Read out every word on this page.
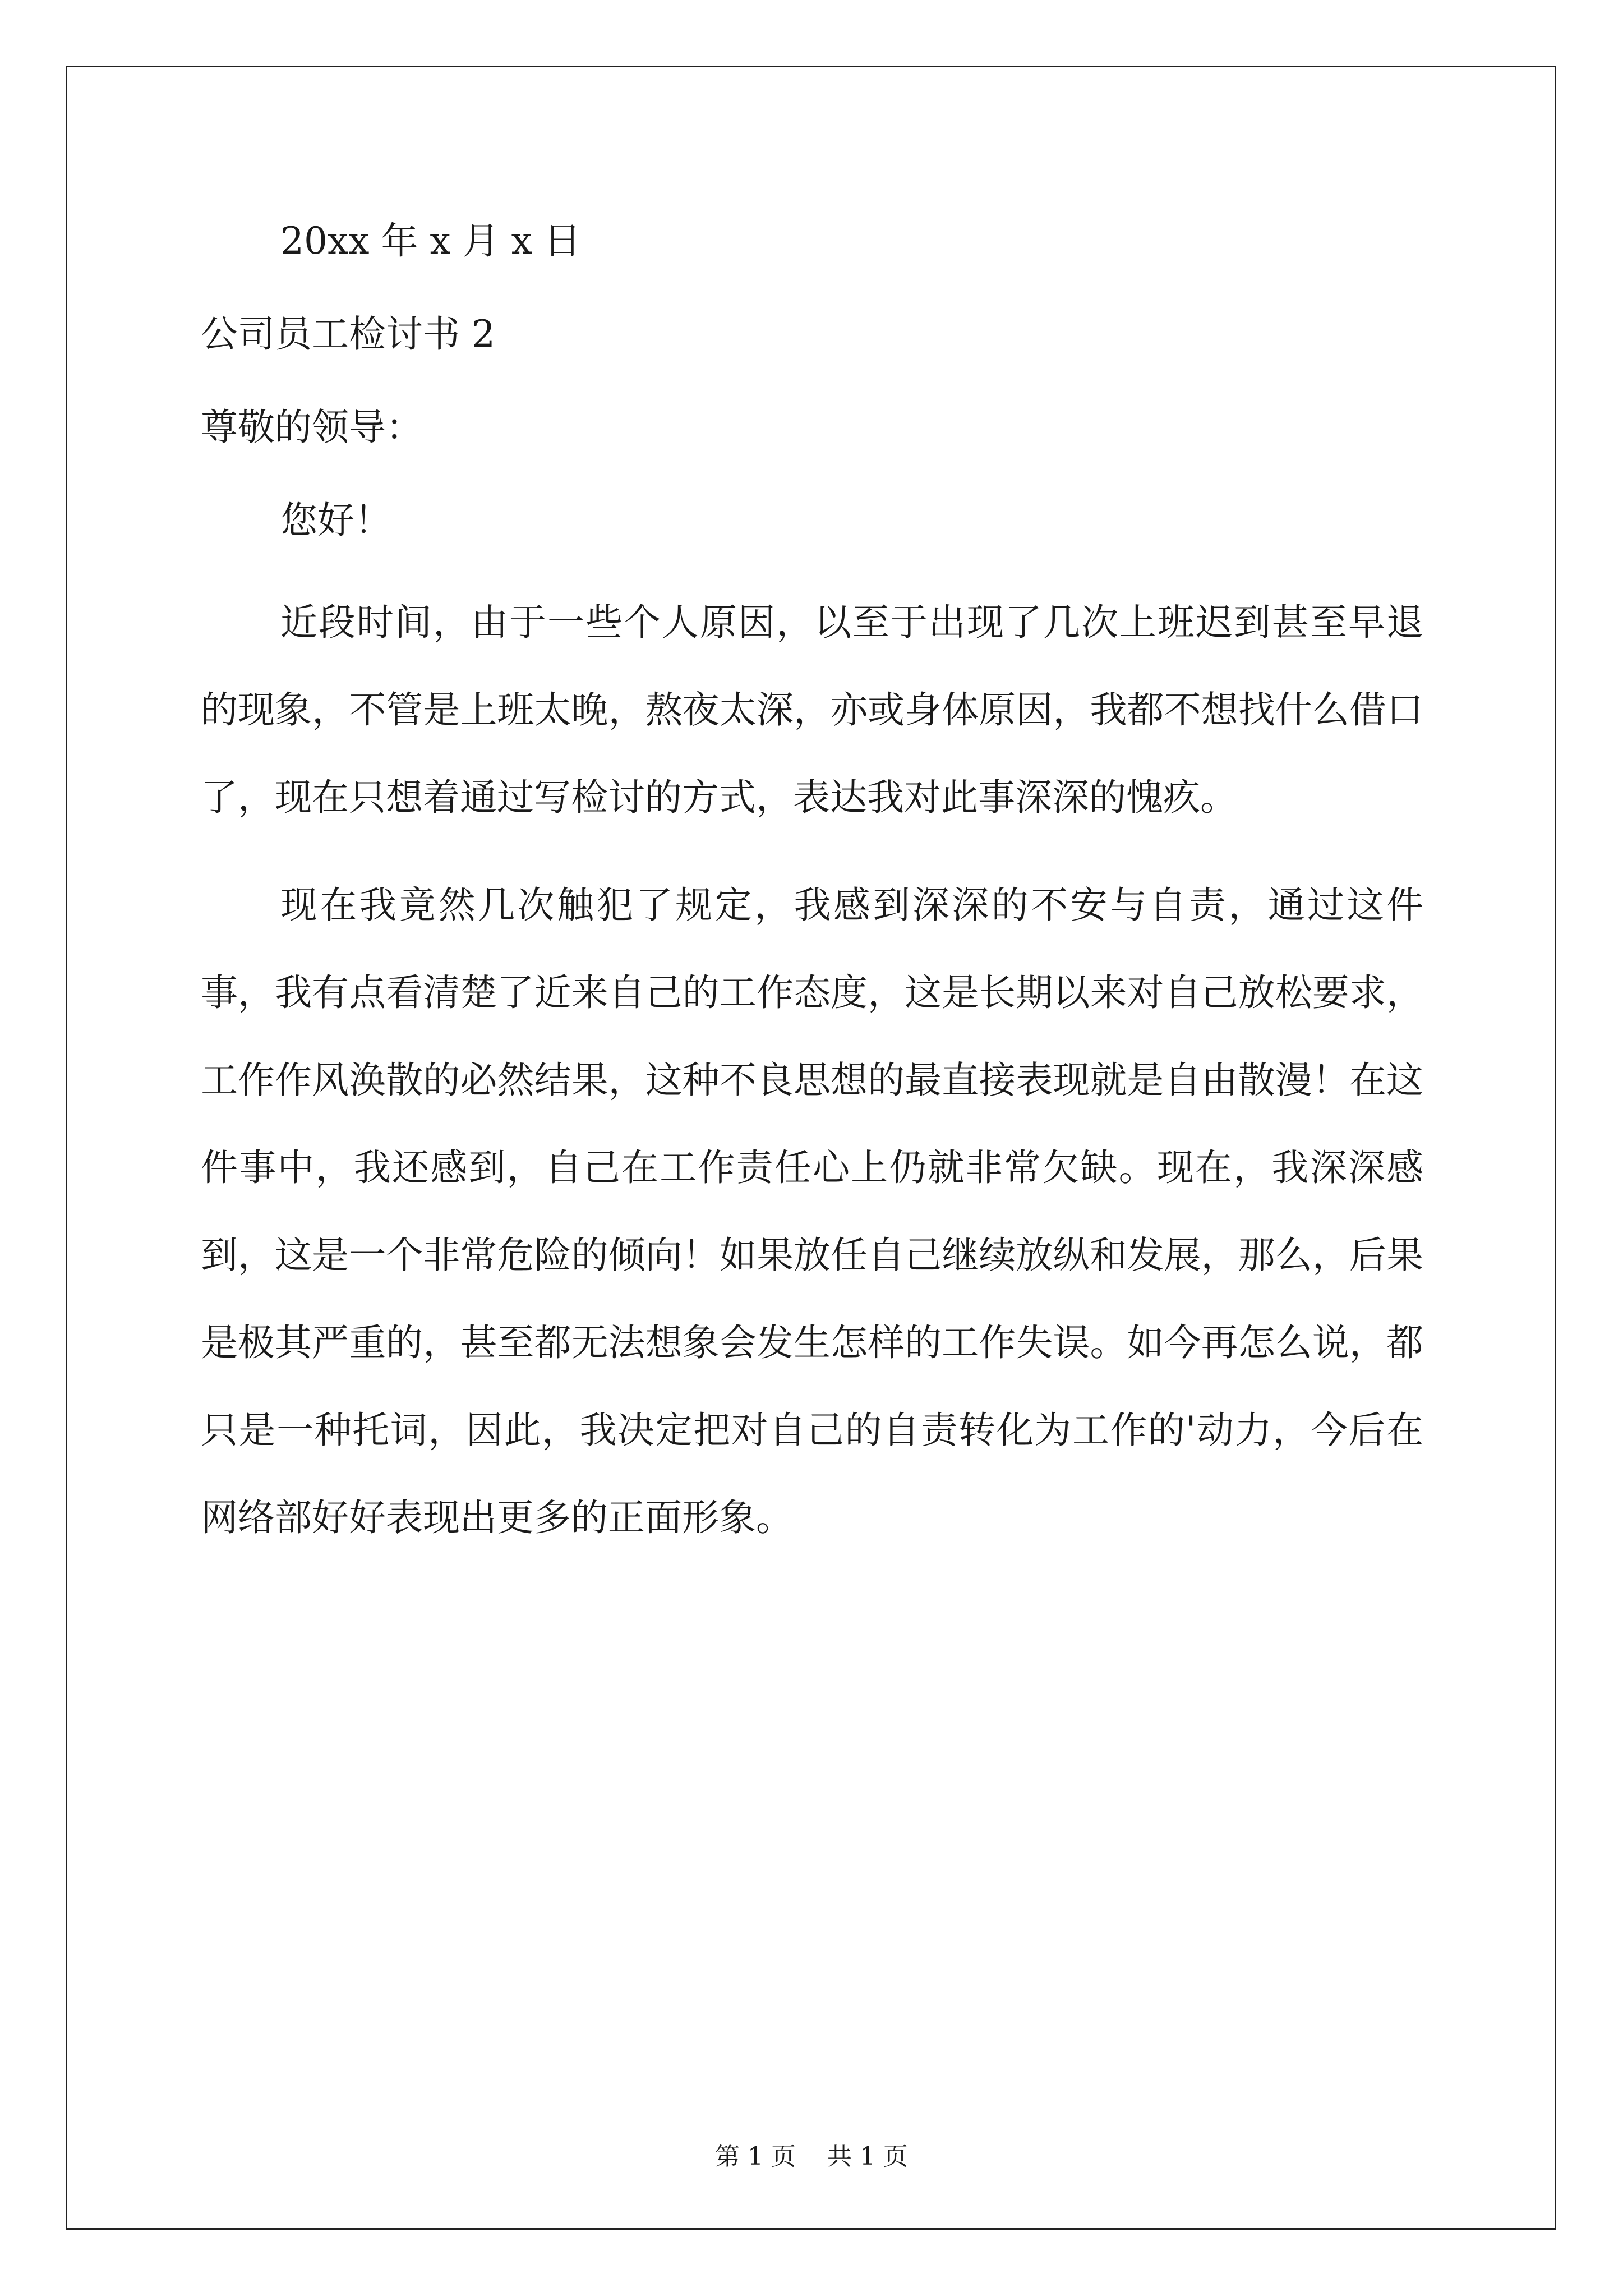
20xx 年 x 月 x 日
公司员工检讨书 2
尊敬的领导：
您好！
近段时间，由于一些个人原因，以至于出现了几次上班迟到甚至早退的现象，不管是上班太晚，熬夜太深，亦或身体原因，我都不想找什么借口了，现在只想着通过写检讨的方式，表达我对此事深深的愧疚。
现在我竟然几次触犯了规定，我感到深深的不安与自责，通过这件事，我有点看清楚了近来自己的工作态度，这是长期以来对自己放松要求，工作作风涣散的必然结果，这种不良思想的最直接表现就是自由散漫！在这件事中，我还感到，自己在工作责任心上仍就非常欠缺。现在，我深深感到，这是一个非常危险的倾向！如果放任自己继续放纵和发展，那么，后果是极其严重的，甚至都无法想象会发生怎样的工作失误。如今再怎么说，都只是一种托词，因此，我决定把对自己的自责转化为工作的'动力，今后在网络部好好表现出更多的正面形象。
第 1 页    共 1 页
